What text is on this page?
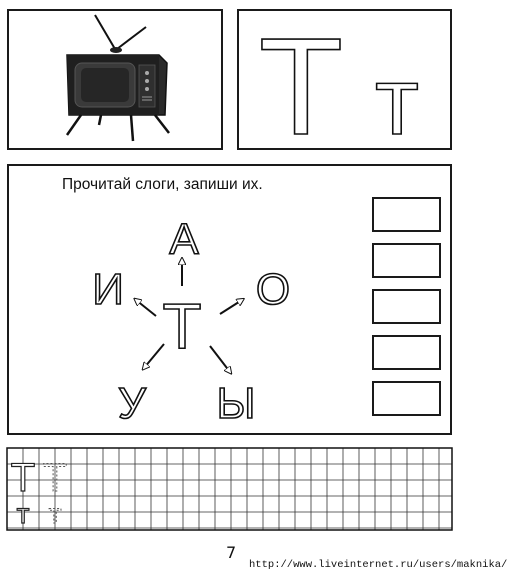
Т т
Прочитай слоги, запиши их.
А
И	О
Т
У Ы
Т Т
т т
7
http://www.liveinternet.ru/users/maknika/
